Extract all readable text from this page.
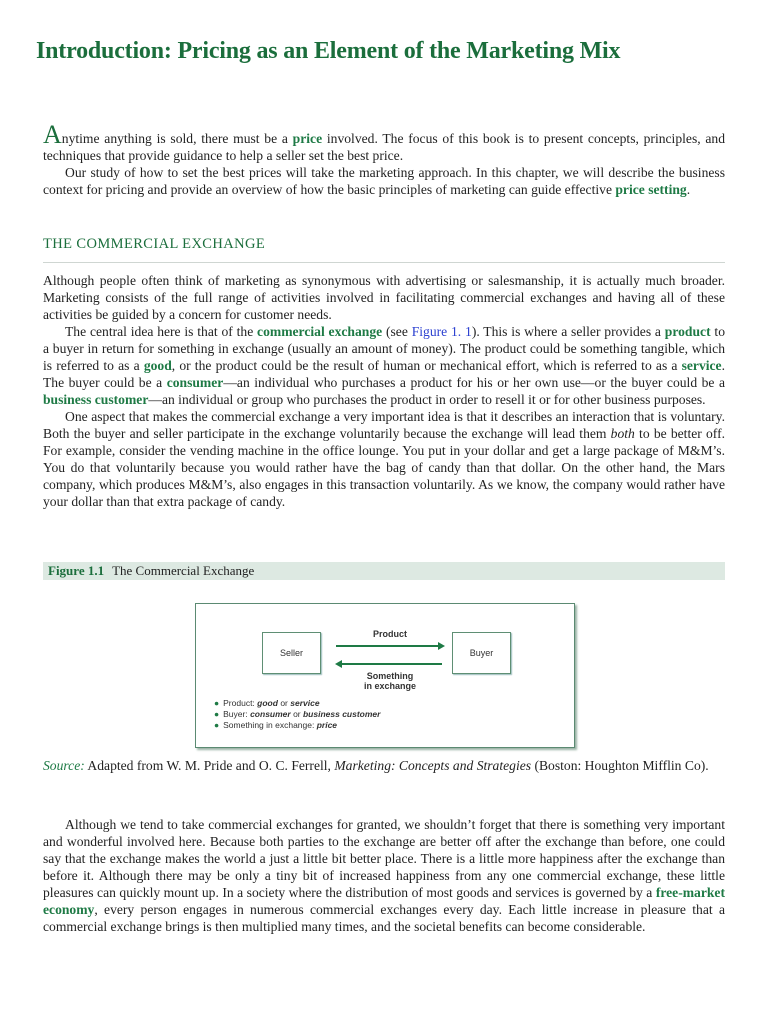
Introduction: Pricing as an Element of the Marketing Mix

Anytime anything is sold, there must be a price involved. The focus of this book is to present concepts, principles, and techniques that provide guidance to help a seller set the best price.

Our study of how to set the best prices will take the marketing approach. In this chapter, we will describe the business context for pricing and provide an overview of how the basic principles of marketing can guide effective price setting.

THE COMMERCIAL EXCHANGE

Although people often think of marketing as synonymous with advertising or salesmanship, it is actually much broader. Marketing consists of the full range of activities involved in facilitating commercial exchanges and having all of these activities be guided by a concern for customer needs.

The central idea here is that of the commercial exchange (see Figure 1. 1). This is where a seller provides a product to a buyer in return for something in exchange (usually an amount of money). The product could be something tangible, which is referred to as a good, or the product could be the result of human or mechanical effort, which is referred to as a service. The buyer could be a consumer—an individual who purchases a product for his or her own use—or the buyer could be a business customer—an individual or group who purchases the product in order to resell it or for other business purposes.

One aspect that makes the commercial exchange a very important idea is that it describes an interaction that is voluntary. Both the buyer and seller participate in the exchange voluntarily because the exchange will lead them both to be better off. For example, consider the vending machine in the office lounge. You put in your dollar and get a large package of M&M’s. You do that voluntarily because you would rather have the bag of candy than that dollar. On the other hand, the Mars company, which produces M&M’s, also engages in this transaction voluntarily. As we know, the company would rather have your dollar than that extra package of candy.

Figure 1.1 The Commercial Exchange
Seller	Buyer
Product
Something
in exchange
● Product: good or service
● Buyer: consumer or business customer
● Something in exchange: price
Source: Adapted from W. M. Pride and O. C. Ferrell, Marketing: Concepts and Strategies (Boston: Houghton Mifflin Co).

Although we tend to take commercial exchanges for granted, we shouldn’t forget that there is something very important and wonderful involved here. Because both parties to the exchange are better off after the exchange than before, one could say that the exchange makes the world a just a little bit better place. There is a little more happiness after the exchange than before it. Although there may be only a tiny bit of increased happiness from any one commercial exchange, these little pleasures can quickly mount up. In a society where the distribution of most goods and services is governed by a free-market economy, every person engages in numerous commercial exchanges every day. Each little increase in pleasure that a commercial exchange brings is then multiplied many times, and the societal benefits can become considerable.
